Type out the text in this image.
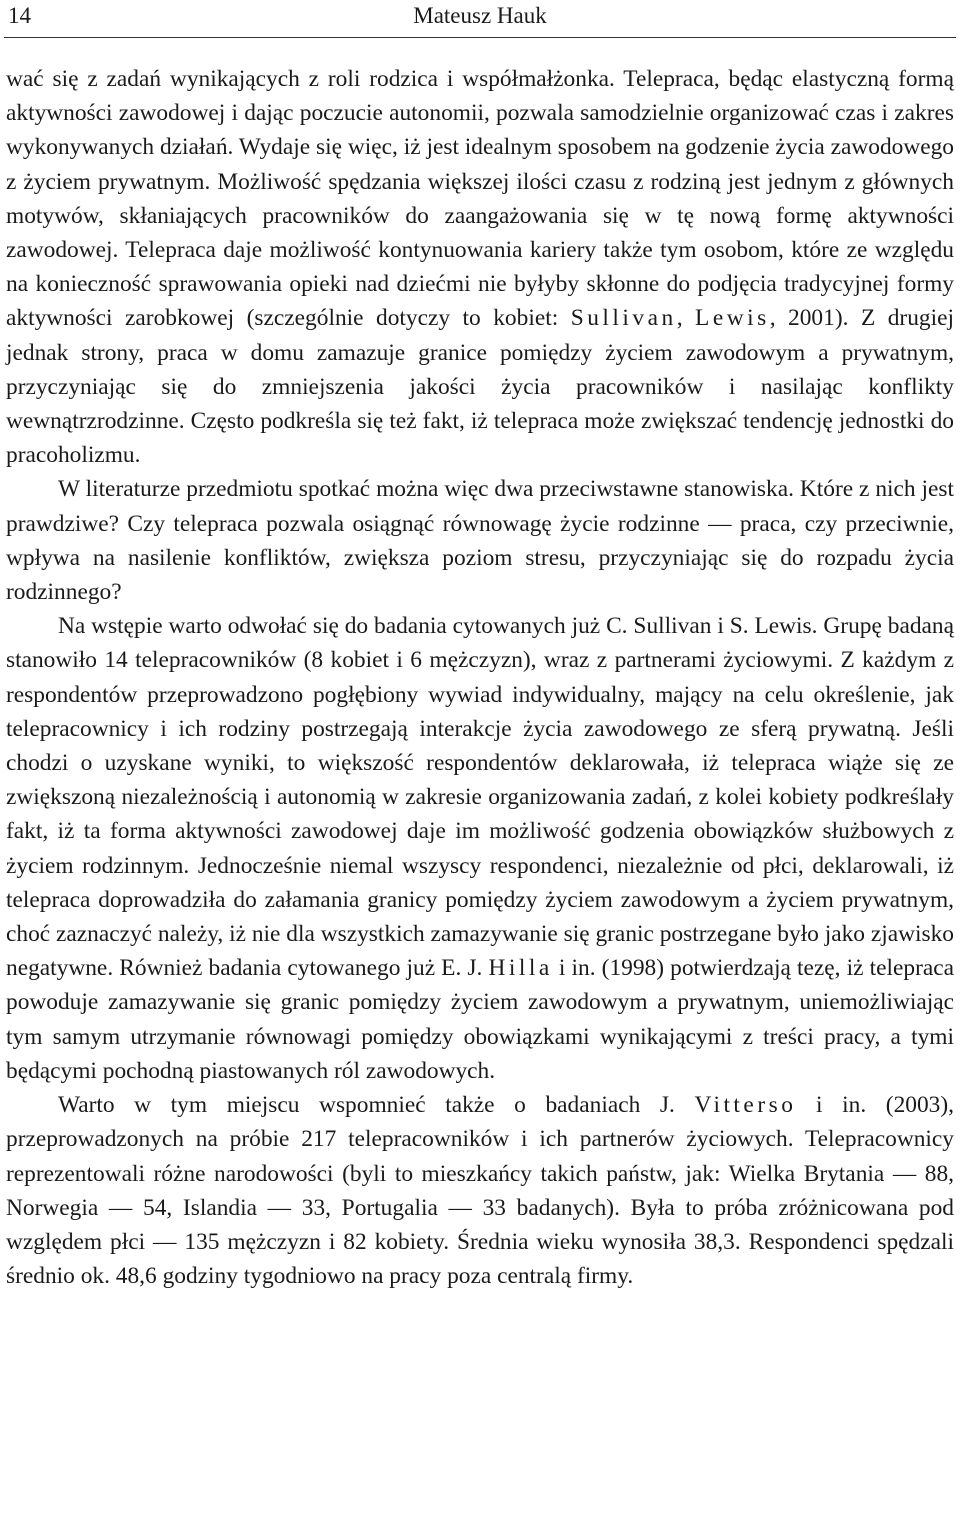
14	Mateusz Hauk

wać się z zadań wynikających z roli rodzica i współmałżonka. Telepraca, będąc elastyczną formą aktywności zawodowej i dając poczucie autonomii, pozwala samodzielnie organizować czas i zakres wykonywanych działań. Wydaje się więc, iż jest idealnym sposobem na godzenie życia zawodowego z życiem prywatnym. Możliwość spędzania większej ilości czasu z rodziną jest jednym z głównych motywów, skłaniających pracowników do zaangażowania się w tę nową formę aktywności zawodowej. Telepraca daje możliwość kontynuowania kariery także tym osobom, które ze względu na konieczność sprawowania opieki nad dziećmi nie byłyby skłonne do podjęcia tradycyjnej formy aktywności zarobkowej (szczególnie dotyczy to kobiet: Sullivan, Lewis, 2001). Z drugiej jednak strony, praca w domu zamazuje granice pomiędzy życiem zawodowym a prywatnym, przyczyniając się do zmniejszenia jakości życia pracowników i nasilając konflikty wewnątrzrodzinne. Często podkreśla się też fakt, iż telepraca może zwiększać tendencję jednostki do pracoholizmu.

W literaturze przedmiotu spotkać można więc dwa przeciwstawne stanowiska. Które z nich jest prawdziwe? Czy telepraca pozwala osiągnąć równowagę życie rodzinne — praca, czy przeciwnie, wpływa na nasilenie konfliktów, zwiększa poziom stresu, przyczyniając się do rozpadu życia rodzinnego?

Na wstępie warto odwołać się do badania cytowanych już C. Sullivan i S. Lewis. Grupę badaną stanowiło 14 telepracowników (8 kobiet i 6 mężczyzn), wraz z partnerami życiowymi. Z każdym z respondentów przeprowadzono pogłębiony wywiad indywidualny, mający na celu określenie, jak telepracownicy i ich rodziny postrzegają interakcje życia zawodowego ze sferą prywatną. Jeśli chodzi o uzyskane wyniki, to większość respondentów deklarowała, iż telepraca wiąże się ze zwiększoną niezależnością i autonomią w zakresie organizowania zadań, z kolei kobiety podkreślały fakt, iż ta forma aktywności zawodowej daje im możliwość godzenia obowiązków służbowych z życiem rodzinnym. Jednocześnie niemal wszyscy respondenci, niezależnie od płci, deklarowali, iż telepraca doprowadziła do załamania granicy pomiędzy życiem zawodowym a życiem prywatnym, choć zaznaczyć należy, iż nie dla wszystkich zamazywanie się granic postrzegane było jako zjawisko negatywne. Również badania cytowanego już E. J. Hilla i in. (1998) potwierdzają tezę, iż telepraca powoduje zamazywanie się granic pomiędzy życiem zawodowym a prywatnym, uniemożliwiając tym samym utrzymanie równowagi pomiędzy obowiązkami wynikającymi z treści pracy, a tymi będącymi pochodną piastowanych ról zawodowych.

Warto w tym miejscu wspomnieć także o badaniach J. Vitterso i in. (2003), przeprowadzonych na próbie 217 telepracowników i ich partnerów życiowych. Telepracownicy reprezentowali różne narodowości (byli to mieszkańcy takich państw, jak: Wielka Brytania — 88, Norwegia — 54, Islandia — 33, Portugalia — 33 badanych). Była to próba zróżnicowana pod względem płci — 135 mężczyzn i 82 kobiety. Średnia wieku wynosiła 38,3. Respondenci spędzali średnio ok. 48,6 godziny tygodniowo na pracy poza centralą firmy.
